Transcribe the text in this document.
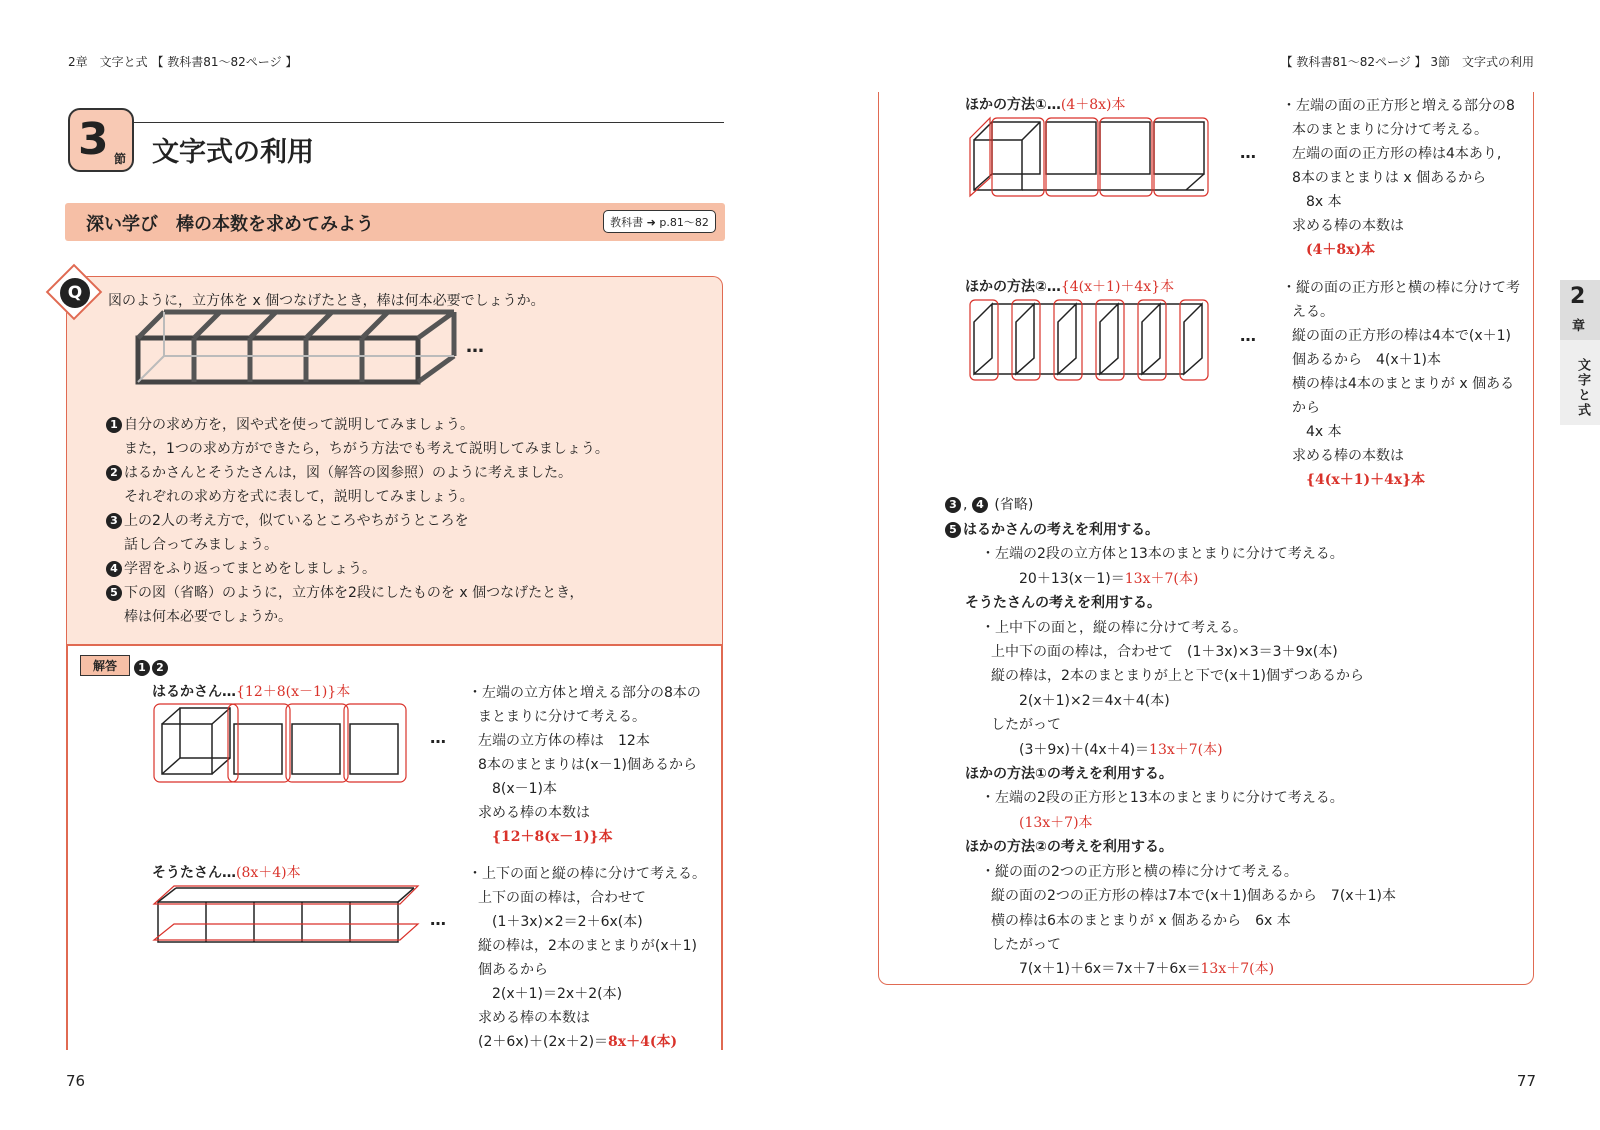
2章　文字と式 【 教科書81～82ページ 】	【 教科書81～82ページ 】 3節　文字式の利用
3 節 文字式の利用
深い学び　棒の本数を求めてみよう	教科書 ➜ p.81～82
Q	図のように，立方体を x 個つなげたとき，棒は何本必要でしょうか。
…
1 自分の求め方を，図や式を使って説明してみましょう。
また，1つの求め方ができたら，ちがう方法でも考えて説明してみましょう。
2 はるかさんとそうたさんは，図（解答の図参照）のように考えました。
それぞれの求め方を式に表して，説明してみましょう。
3 上の2人の考え方で，似ているところやちがうところを
話し合ってみましょう。
4 学習をふり返ってまとめをしましょう。
5 下の図（省略）のように，立方体を2段にしたものを x 個つなげたとき，
棒は何本必要でしょうか。
解答	1 2
はるかさん…{12＋8(x－1)}本
…
・左端の立方体と増える部分の8本の
まとまりに分けて考える。
左端の立方体の棒は　12本
8本のまとまりは(x－1)個あるから
8(x－1)本
求める棒の本数は
{12＋8(x－1)}本
そうたさん…(8x＋4)本
…
・上下の面と縦の棒に分けて考える。
上下の面の棒は，合わせて
(1＋3x)×2＝2＋6x(本)
縦の棒は，2本のまとまりが(x＋1)
個あるから
2(x＋1)＝2x＋2(本)
求める棒の本数は
(2＋6x)＋(2x＋2)＝8x＋4(本)
76
ほかの方法①…(4＋8x)本
…
・左端の面の正方形と増える部分の8
本のまとまりに分けて考える。
左端の面の正方形の棒は4本あり,
8本のまとまりは x 個あるから
8x 本
求める棒の本数は
(4＋8x)本
ほかの方法②…{4(x＋1)＋4x}本
…
・縦の面の正方形と横の棒に分けて考
える。
縦の面の正方形の棒は4本で(x＋1)
個あるから　4(x＋1)本
横の棒は4本のまとまりが x 個ある
から
4x 本
求める棒の本数は
{4(x＋1)＋4x}本
3 , 4 (省略)
5 はるかさんの考えを利用する。
・左端の2段の立方体と13本のまとまりに分けて考える。
20＋13(x－1)＝13x＋7(本)
そうたさんの考えを利用する。
・上中下の面と，縦の棒に分けて考える。
上中下の面の棒は，合わせて　(1＋3x)×3＝3＋9x(本)
縦の棒は，2本のまとまりが上と下で(x＋1)個ずつあるから
2(x＋1)×2＝4x＋4(本)
したがって
(3＋9x)＋(4x＋4)＝13x＋7(本)
ほかの方法①の考えを利用する。
・左端の2段の正方形と13本のまとまりに分けて考える。
(13x＋7)本
ほかの方法②の考えを利用する。
・縦の面の2つの正方形と横の棒に分けて考える。
縦の面の2つの正方形の棒は7本で(x＋1)個あるから　7(x＋1)本
横の棒は6本のまとまりが x 個あるから　6x 本
したがって
7(x＋1)＋6x＝7x＋7＋6x＝13x＋7(本)
2
章
文字と式
77
